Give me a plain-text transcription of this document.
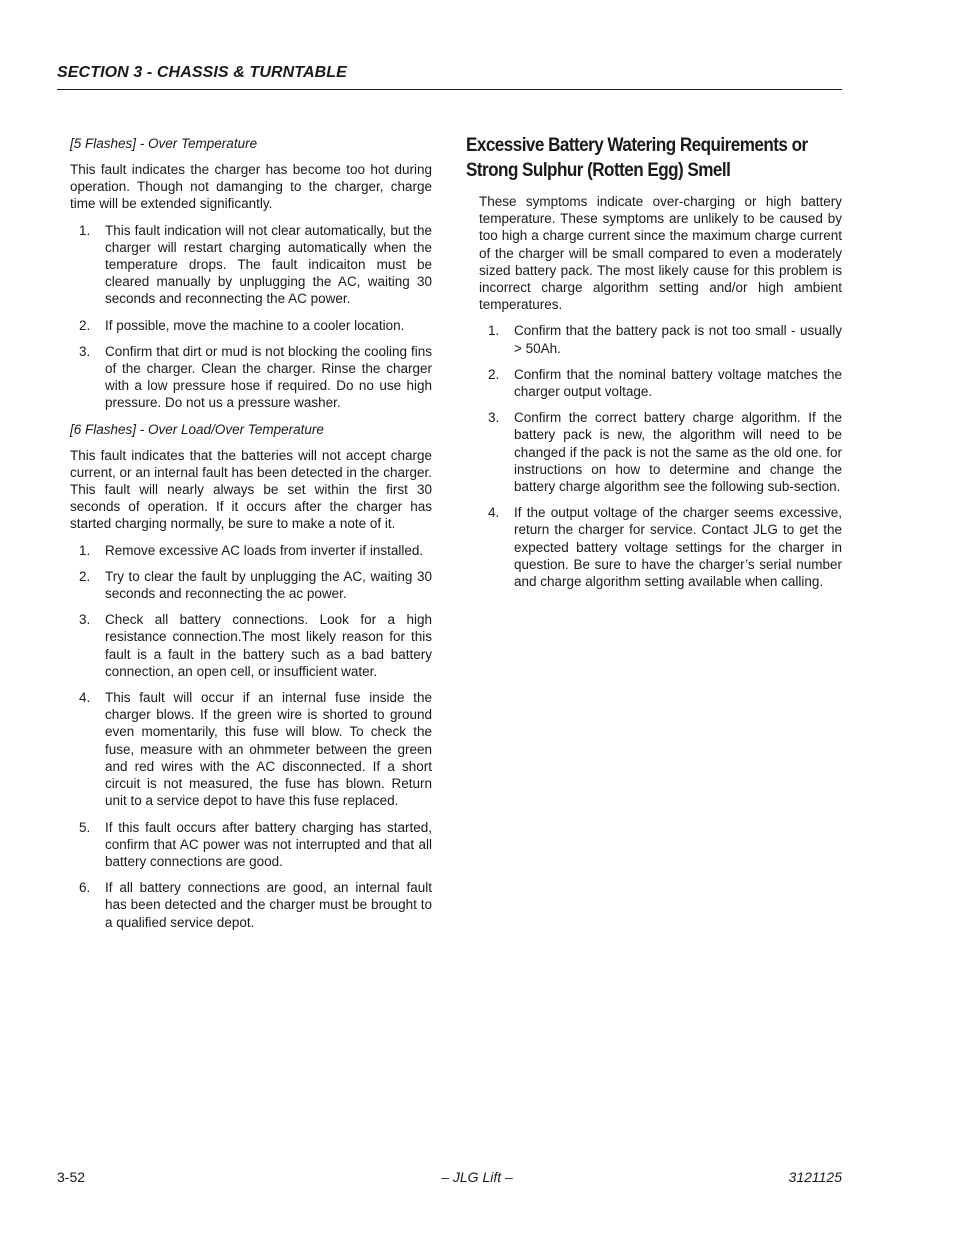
SECTION 3 - CHASSIS & TURNTABLE
[5 Flashes] - Over Temperature

This fault indicates the charger has become too hot during operation. Though not damanging to the charger, charge time will be extended significantly.

1. This fault indication will not clear automatically, but the charger will restart charging automatically when the temperature drops. The fault indicaiton must be cleared manually by unplugging the AC, waiting 30 seconds and reconnecting the AC power.
2. If possible, move the machine to a cooler location.
3. Confirm that dirt or mud is not blocking the cooling fins of the charger. Clean the charger. Rinse the charger with a low pressure hose if required. Do no use high pressure. Do not us a pressure washer.
[6 Flashes] - Over Load/Over Temperature

This fault indicates that the batteries will not accept charge current, or an internal fault has been detected in the charger. This fault will nearly always be set within the first 30 seconds of operation. If it occurs after the charger has started charging normally, be sure to make a note of it.

1. Remove excessive AC loads from inverter if installed.
2. Try to clear the fault by unplugging the AC, waiting 30 seconds and reconnecting the ac power.
3. Check all battery connections. Look for a high resistance connection.The most likely reason for this fault is a fault in the battery such as a bad battery connection, an open cell, or insufficient water.
4. This fault will occur if an internal fuse inside the charger blows. If the green wire is shorted to ground even momentarily, this fuse will blow. To check the fuse, measure with an ohmmeter between the green and red wires with the AC disconnected. If a short circuit is not measured, the fuse has blown. Return unit to a service depot to have this fuse replaced.
5. If this fault occurs after battery charging has started, confirm that AC power was not interrupted and that all battery connections are good.
6. If all battery connections are good, an internal fault has been detected and the charger must be brought to a qualified service depot.
Excessive Battery Watering Requirements or
Strong Sulphur (Rotten Egg) Smell

These symptoms indicate over-charging or high battery temperature. These symptoms are unlikely to be caused by too high a charge current since the maximum charge current of the charger will be small compared to even a moderately sized battery pack. The most likely cause for this problem is incorrect charge algorithm setting and/or high ambient temperatures.

1. Confirm that the battery pack is not too small - usually > 50Ah.
2. Confirm that the nominal battery voltage matches the charger output voltage.
3. Confirm the correct battery charge algorithm. If the battery pack is new, the algorithm will need to be changed if the pack is not the same as the old one. for instructions on how to determine and change the battery charge algorithm see the following sub-section.
4. If the output voltage of the charger seems excessive, return the charger for service. Contact JLG to get the expected battery voltage settings for the charger in question. Be sure to have the charger’s serial number and charge algorithm setting available when calling.
3-52	– JLG Lift –	3121125
